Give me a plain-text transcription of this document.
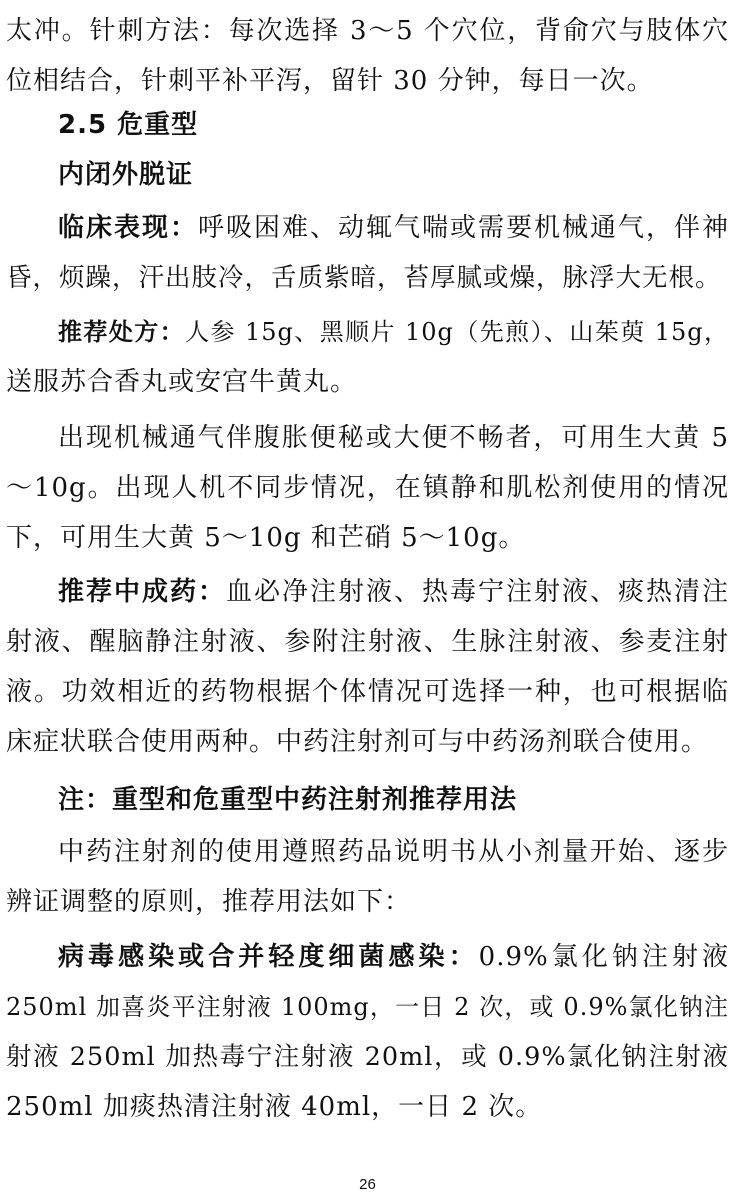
太冲。针刺方法：每次选择 3～5 个穴位，背俞穴与肢体穴
位相结合，针刺平补平泻，留针 30 分钟，每日一次。
2.5 危重型
内闭外脱证
临床表现：呼吸困难、动辄气喘或需要机械通气，伴神
昏，烦躁，汗出肢冷，舌质紫暗，苔厚腻或燥，脉浮大无根。
推荐处方：人参 15g、黑顺片 10g（先煎）、山茱萸 15g，
送服苏合香丸或安宫牛黄丸。
出现机械通气伴腹胀便秘或大便不畅者，可用生大黄 5
～10g。出现人机不同步情况，在镇静和肌松剂使用的情况
下，可用生大黄 5～10g 和芒硝 5～10g。
推荐中成药：血必净注射液、热毒宁注射液、痰热清注
射液、醒脑静注射液、参附注射液、生脉注射液、参麦注射
液。功效相近的药物根据个体情况可选择一种，也可根据临
床症状联合使用两种。中药注射剂可与中药汤剂联合使用。
注：重型和危重型中药注射剂推荐用法
中药注射剂的使用遵照药品说明书从小剂量开始、逐步
辨证调整的原则，推荐用法如下：
病毒感染或合并轻度细菌感染：0.9%氯化钠注射液
250ml 加喜炎平注射液 100mg，一日 2 次，或 0.9%氯化钠注
射液 250ml 加热毒宁注射液 20ml，或 0.9%氯化钠注射液
250ml 加痰热清注射液 40ml，一日 2 次。
26
